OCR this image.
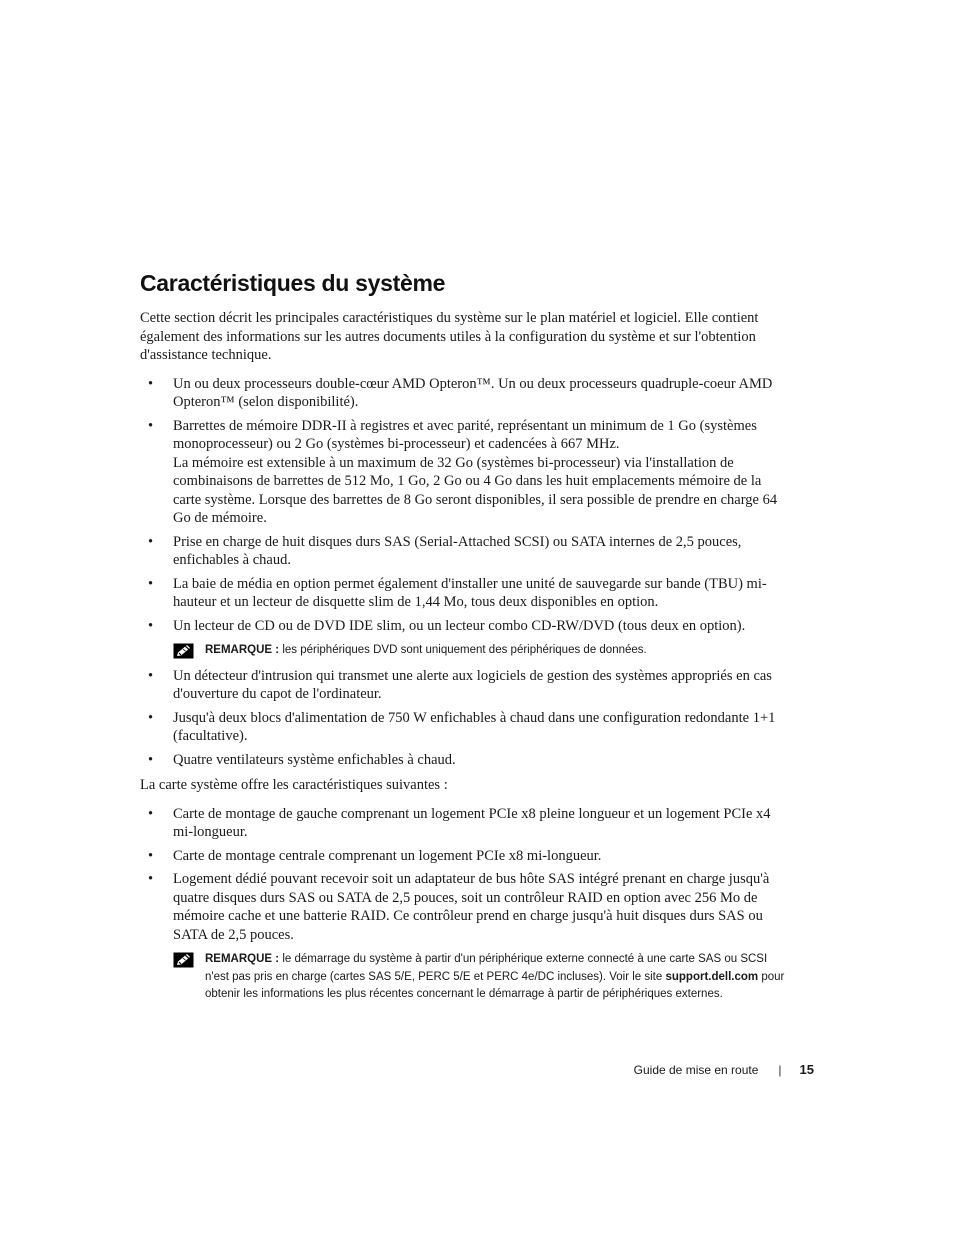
Caractéristiques du système

Cette section décrit les principales caractéristiques du système sur le plan matériel et logiciel. Elle contient également des informations sur les autres documents utiles à la configuration du système et sur l'obtention d'assistance technique.

• Un ou deux processeurs double-cœur AMD Opteron™. Un ou deux processeurs quadruple-coeur AMD Opteron™ (selon disponibilité).
• Barrettes de mémoire DDR-II à registres et avec parité, représentant un minimum de 1 Go (systèmes monoprocesseur) ou 2 Go (systèmes bi-processeur) et cadencées à 667 MHz.
La mémoire est extensible à un maximum de 32 Go (systèmes bi-processeur) via l'installation de combinaisons de barrettes de 512 Mo, 1 Go, 2 Go ou 4 Go dans les huit emplacements mémoire de la carte système. Lorsque des barrettes de 8 Go seront disponibles, il sera possible de prendre en charge 64 Go de mémoire.
• Prise en charge de huit disques durs SAS (Serial-Attached SCSI) ou SATA internes de 2,5 pouces, enfichables à chaud.
• La baie de média en option permet également d'installer une unité de sauvegarde sur bande (TBU) mi-hauteur et un lecteur de disquette slim de 1,44 Mo, tous deux disponibles en option.
• Un lecteur de CD ou de DVD IDE slim, ou un lecteur combo CD-RW/DVD (tous deux en option).
REMARQUE : les périphériques DVD sont uniquement des périphériques de données.
• Un détecteur d'intrusion qui transmet une alerte aux logiciels de gestion des systèmes appropriés en cas d'ouverture du capot de l'ordinateur.
• Jusqu'à deux blocs d'alimentation de 750 W enfichables à chaud dans une configuration redondante 1+1 (facultative).
• Quatre ventilateurs système enfichables à chaud.

La carte système offre les caractéristiques suivantes :

• Carte de montage de gauche comprenant un logement PCIe x8 pleine longueur et un logement PCIe x4 mi-longueur.
• Carte de montage centrale comprenant un logement PCIe x8 mi-longueur.
• Logement dédié pouvant recevoir soit un adaptateur de bus hôte SAS intégré prenant en charge jusqu'à quatre disques durs SAS ou SATA de 2,5 pouces, soit un contrôleur RAID en option avec 256 Mo de mémoire cache et une batterie RAID. Ce contrôleur prend en charge jusqu'à huit disques durs SAS ou SATA de 2,5 pouces.
REMARQUE : le démarrage du système à partir d'un périphérique externe connecté à une carte SAS ou SCSI n'est pas pris en charge (cartes SAS 5/E, PERC 5/E et PERC 4e/DC incluses). Voir le site support.dell.com pour obtenir les informations les plus récentes concernant le démarrage à partir de périphériques externes.
Guide de mise en route | 15
